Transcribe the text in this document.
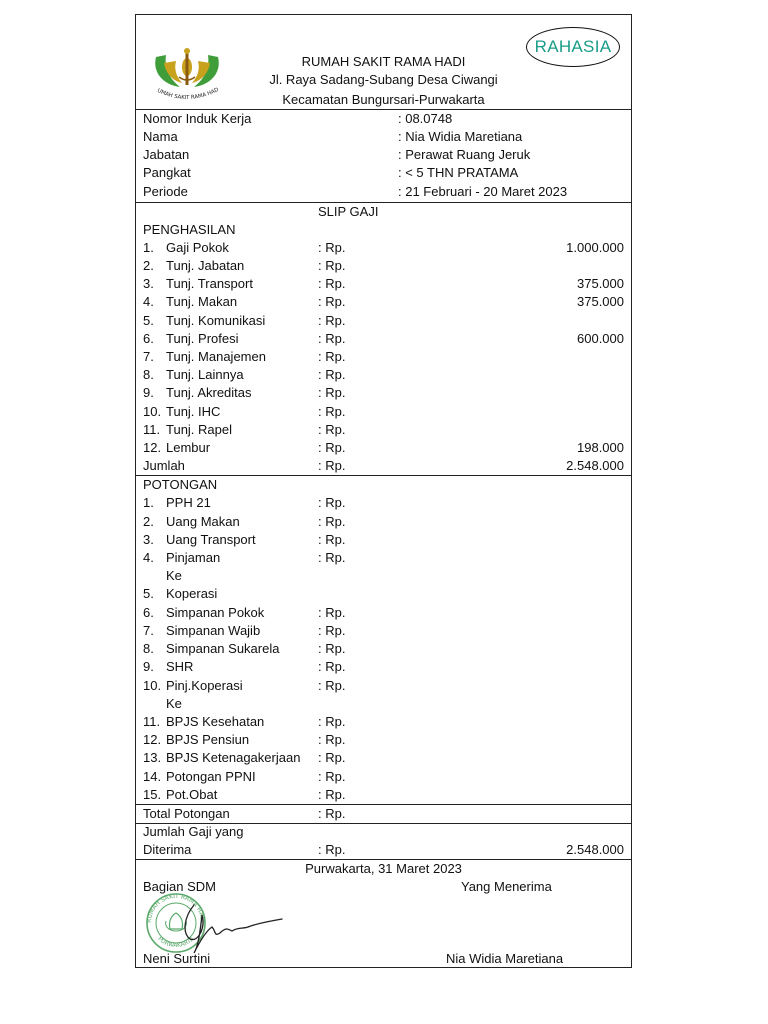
UMAH SAKIT RAMA HAD
RUMAH SAKIT RAMA HADI
Jl. Raya Sadang-Subang Desa Ciwangi
Kecamatan Bungursari-Purwakarta
RAHASIA
Nomor Induk Kerja	: 08.0748
Nama	: Nia Widia Maretiana
Jabatan	: Perawat Ruang Jeruk
Pangkat	: < 5 THN PRATAMA
Periode	: 21 Februari - 20 Maret 2023
SLIP GAJI
PENGHASILAN
1. Gaji Pokok	: Rp.	1.000.000
2. Tunj. Jabatan	: Rp.
3. Tunj. Transport	: Rp.	375.000
4. Tunj. Makan	: Rp.	375.000
5. Tunj. Komunikasi	: Rp.
6. Tunj. Profesi	: Rp.	600.000
7. Tunj. Manajemen	: Rp.
8. Tunj. Lainnya	: Rp.
9. Tunj. Akreditas	: Rp.
10. Tunj. IHC	: Rp.
11. Tunj. Rapel	: Rp.
12. Lembur	: Rp.	198.000
Jumlah	: Rp.	2.548.000
POTONGAN
1. PPH 21	: Rp.
2. Uang Makan	: Rp.
3. Uang Transport	: Rp.
4. Pinjaman	: Rp.
Ke
5. Koperasi
6. Simpanan Pokok	: Rp.
7. Simpanan Wajib	: Rp.
8. Simpanan Sukarela	: Rp.
9. SHR	: Rp.
10. Pinj.Koperasi	: Rp.
Ke
11. BPJS Kesehatan	: Rp.
12. BPJS Pensiun	: Rp.
13. BPJS Ketenagakerjaan : Rp.
14. Potongan PPNI	: Rp.
15. Pot.Obat	: Rp.
Total Potongan	: Rp.
Jumlah Gaji yang
Diterima	: Rp.	2.548.000
Purwakarta, 31 Maret 2023
Bagian SDM	Yang Menerima
RUMAH SAKIT RAMA HADI
PURWAKARTA
Neni Surtini	Nia Widia Maretiana
